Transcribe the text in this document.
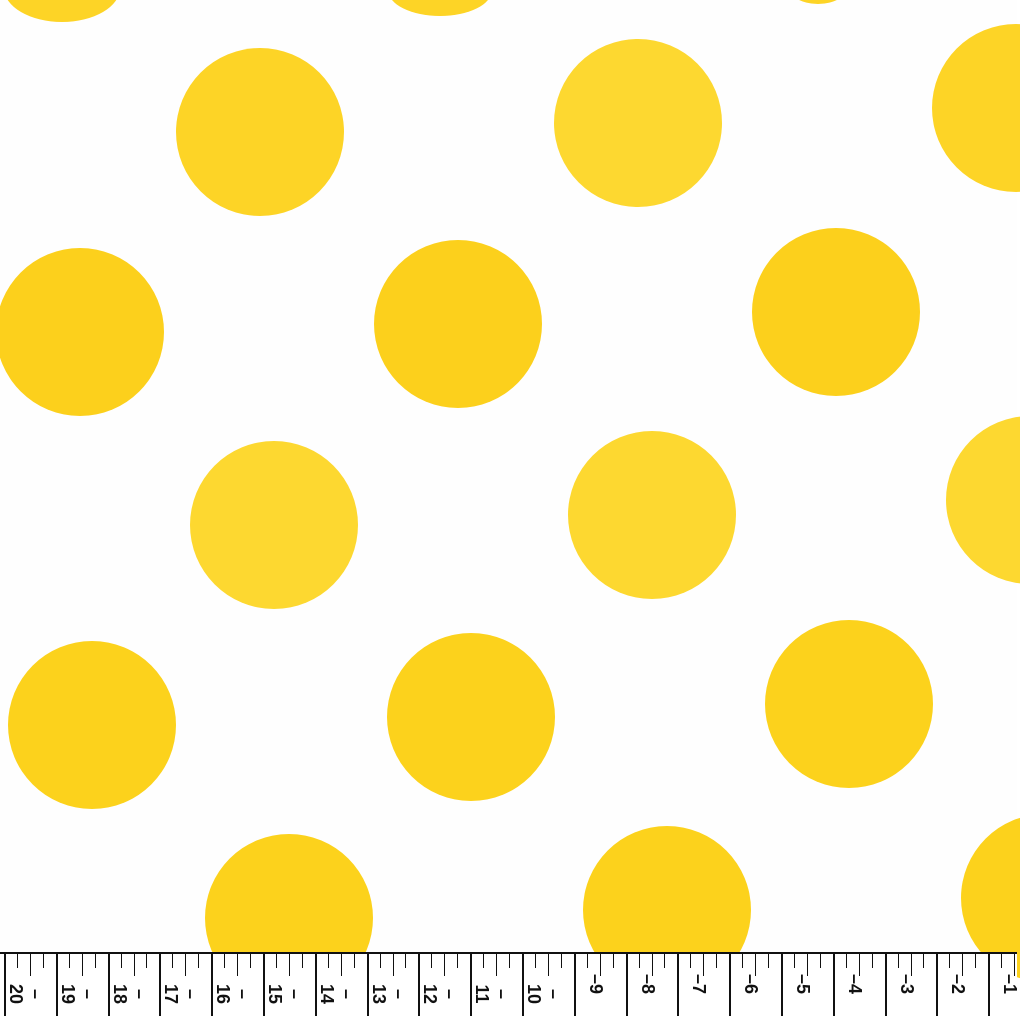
–20	–19	–18	–17	–16	–15	–14	–13	–12	–11	–10	–9 –8 –7 –6 –5 –4 –3 –2 –1
